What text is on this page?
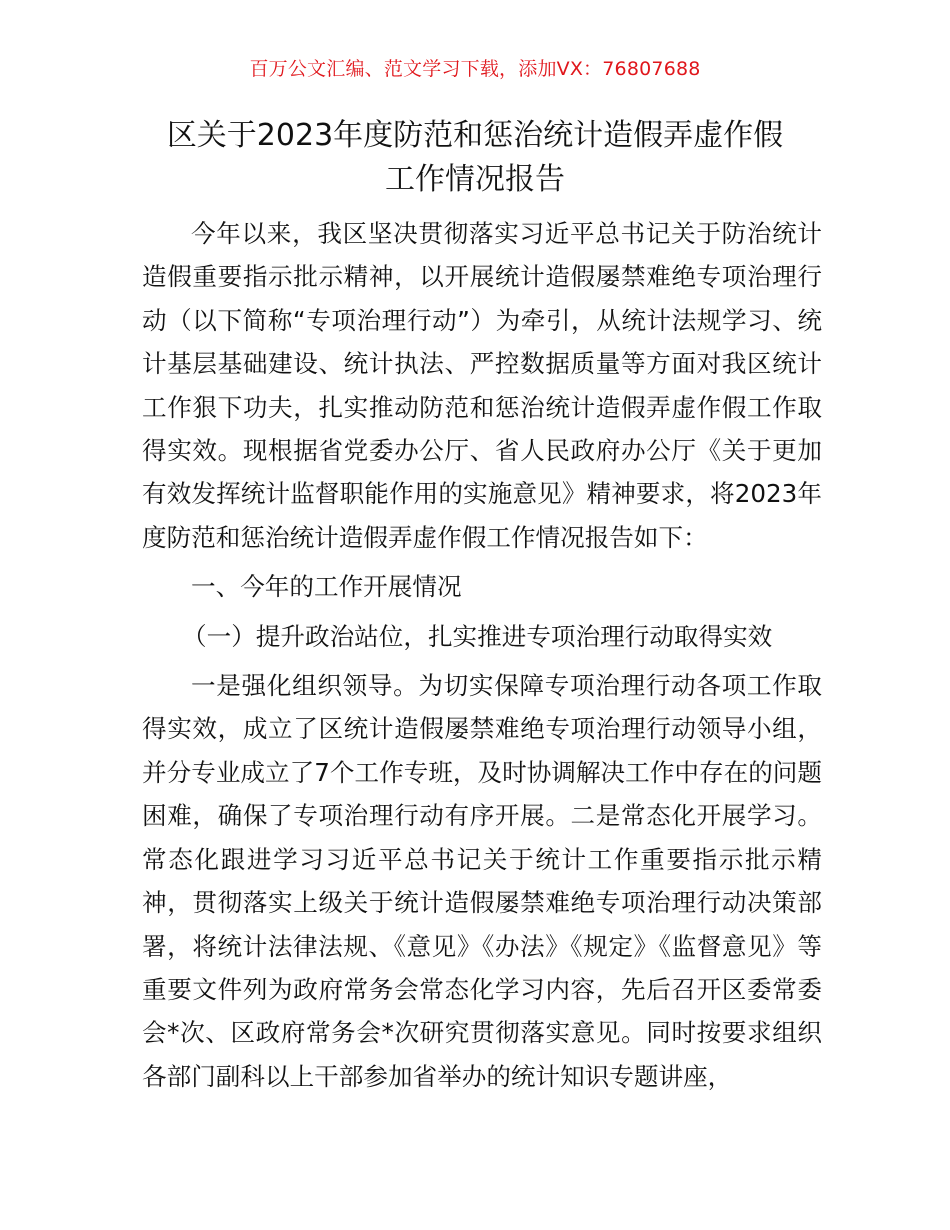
百万公文汇编、范文学习下载，添加VX：76807688
区关于2023年度防范和惩治统计造假弄虚作假
工作情况报告

今年以来，我区坚决贯彻落实习近平总书记关于防治统计造假重要指示批示精神，以开展统计造假屡禁难绝专项治理行动（以下简称“专项治理行动”）为牵引，从统计法规学习、统计基层基础建设、统计执法、严控数据质量等方面对我区统计工作狠下功夫，扎实推动防范和惩治统计造假弄虚作假工作取得实效。现根据省党委办公厅、省人民政府办公厅《关于更加有效发挥统计监督职能作用的实施意见》精神要求，将2023年度防范和惩治统计造假弄虚作假工作情况报告如下：

一、今年的工作开展情况

（一）提升政治站位，扎实推进专项治理行动取得实效

一是强化组织领导。为切实保障专项治理行动各项工作取得实效，成立了区统计造假屡禁难绝专项治理行动领导小组，并分专业成立了7个工作专班，及时协调解决工作中存在的问题困难，确保了专项治理行动有序开展。二是常态化开展学习。常态化跟进学习习近平总书记关于统计工作重要指示批示精神，贯彻落实上级关于统计造假屡禁难绝专项治理行动决策部署，将统计法律法规、《意见》《办法》《规定》《监督意见》等重要文件列为政府常务会常态化学习内容，先后召开区委常委会*次、区政府常务会*次研究贯彻落实意见。同时按要求组织各部门副科以上干部参加省举办的统计知识专题讲座，
